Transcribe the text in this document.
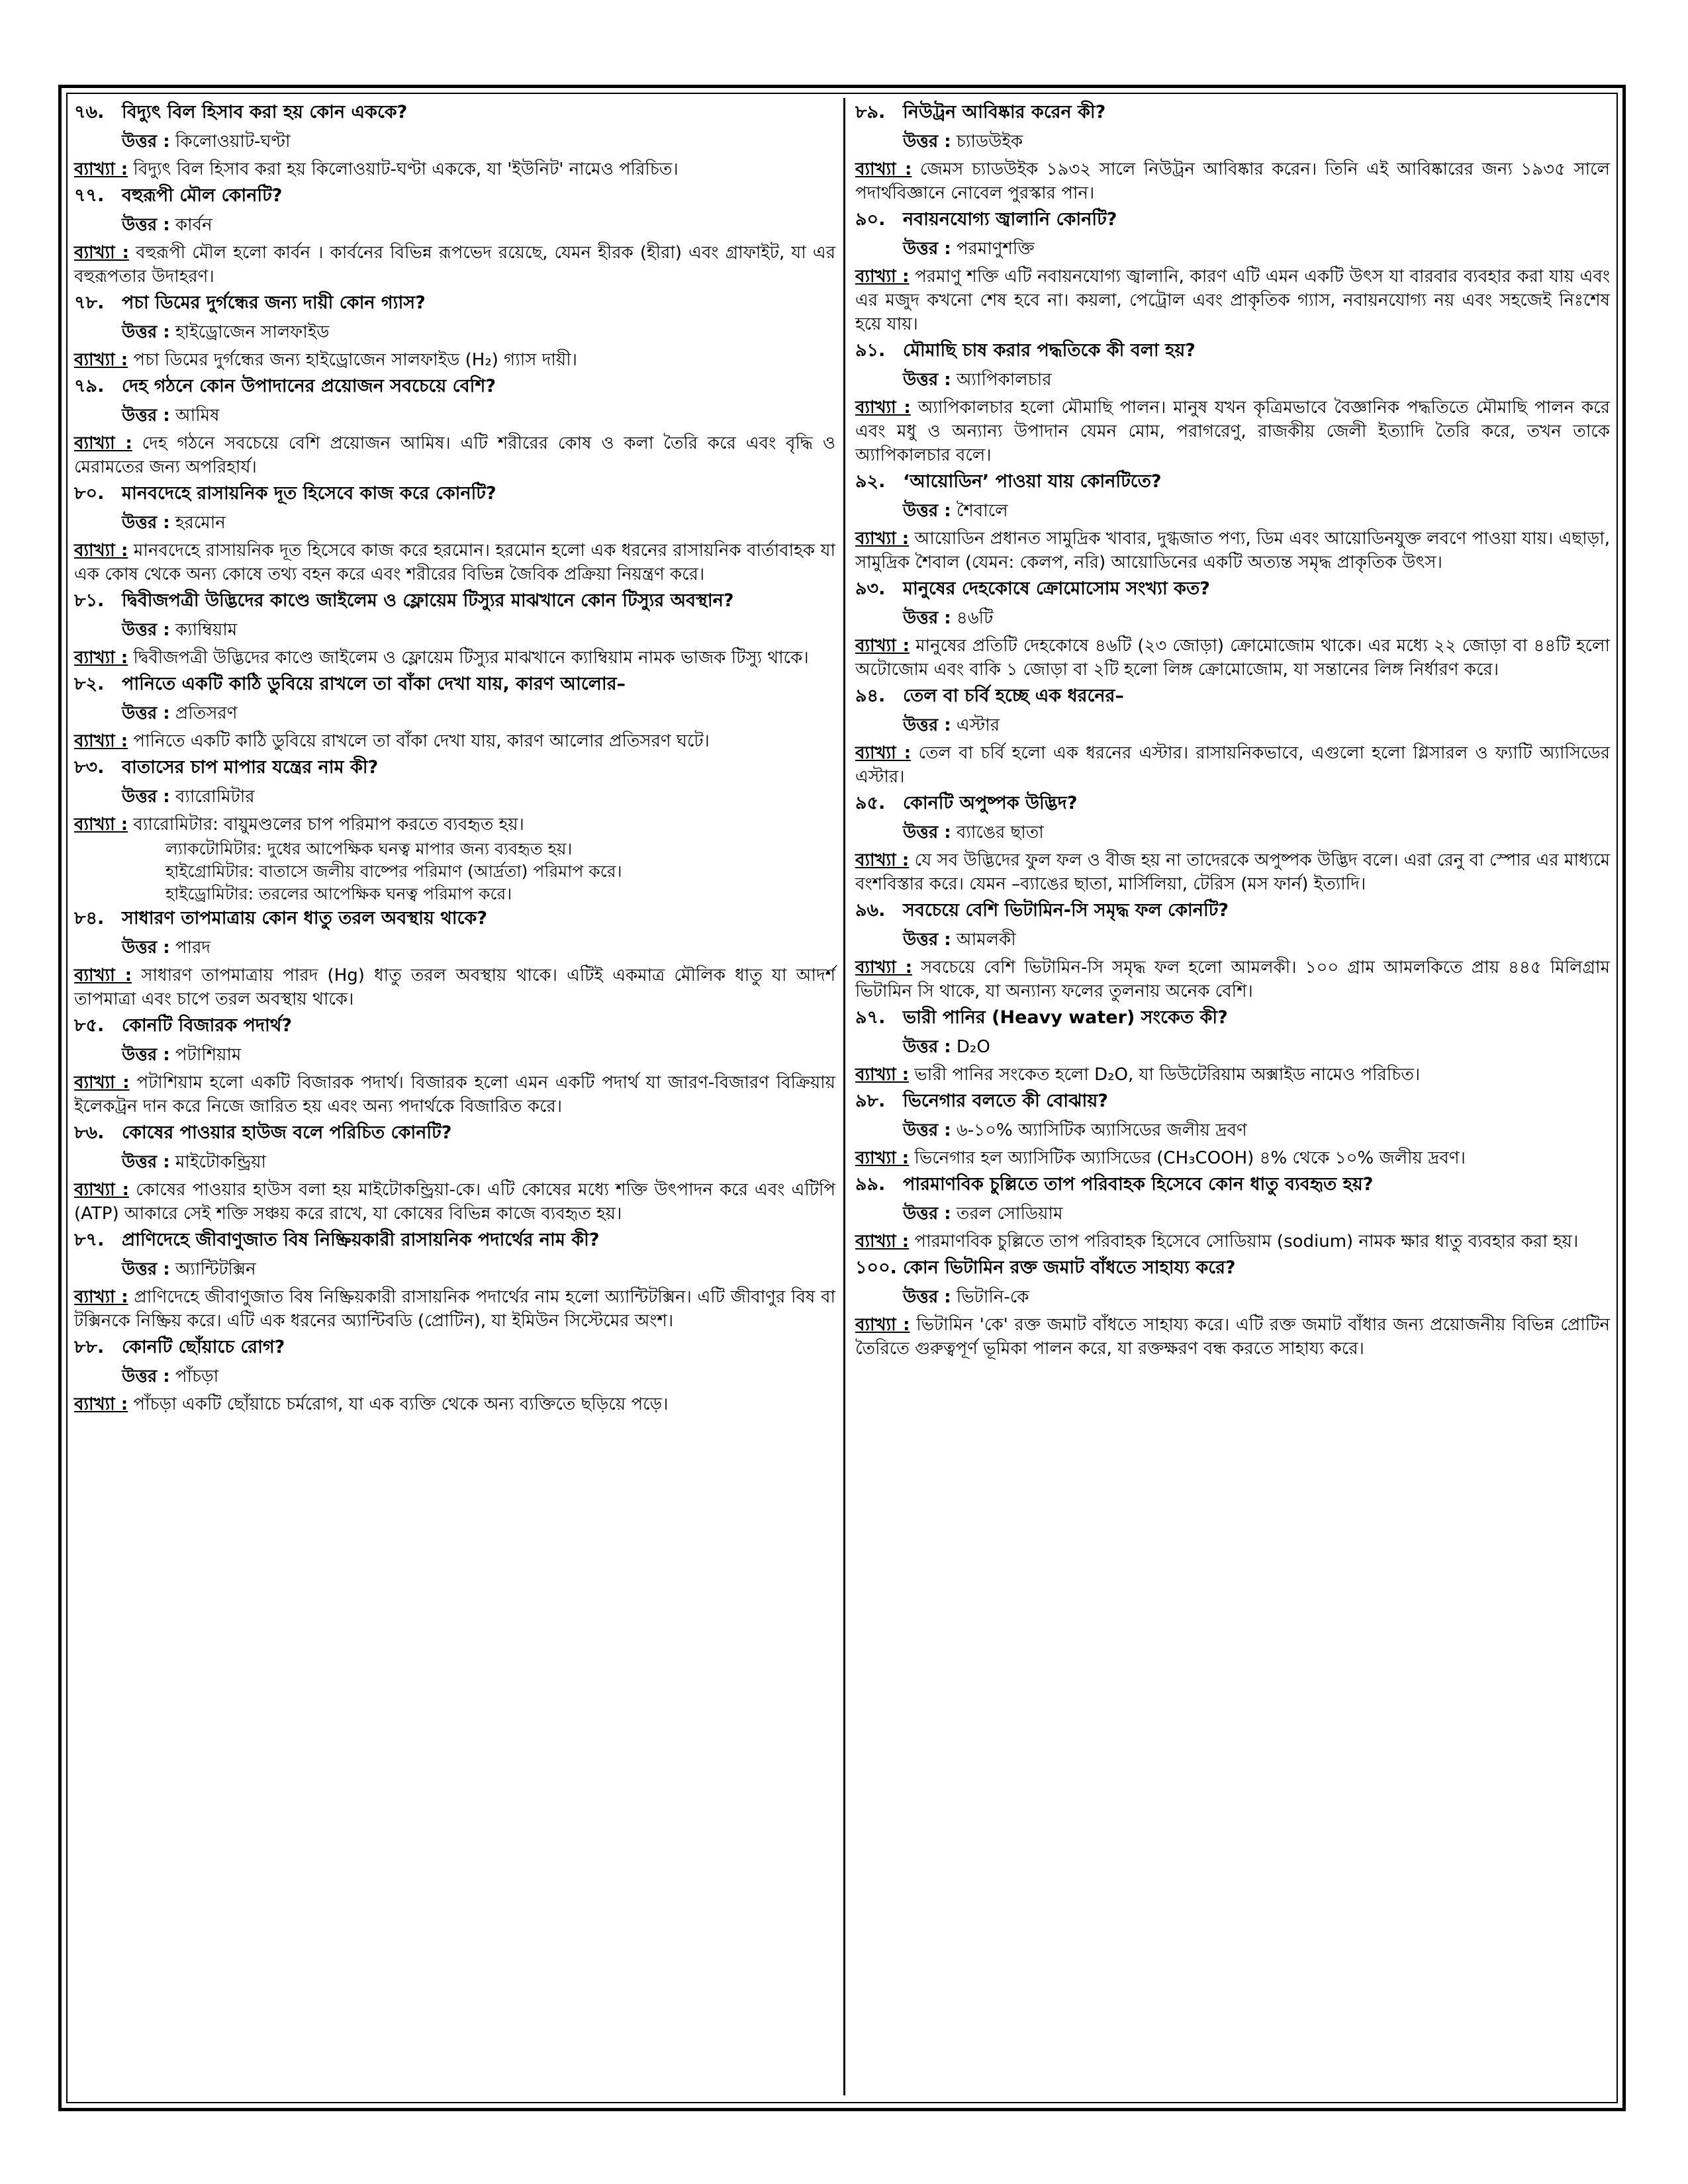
৭৬. বিদ্যুৎ বিল হিসাব করা হয় কোন এককে?
উত্তর : কিলোওয়াট-ঘণ্টা
ব্যাখ্যা : বিদ্যুৎ বিল হিসাব করা হয় কিলোওয়াট-ঘণ্টা এককে, যা 'ইউনিট' নামেও পরিচিত।
৭৭. বহুরূপী মৌল কোনটি?
উত্তর : কার্বন
ব্যাখ্যা : বহুরূপী মৌল হলো কার্বন । কার্বনের বিভিন্ন রূপভেদ রয়েছে, যেমন হীরক (হীরা) এবং গ্রাফাইট, যা এর বহুরূপতার উদাহরণ।
৭৮. পচা ডিমের দুর্গন্ধের জন্য দায়ী কোন গ্যাস?
উত্তর : হাইড্রোজেন সালফাইড
ব্যাখ্যা : পচা ডিমের দুর্গন্ধের জন্য হাইড্রোজেন সালফাইড (H₂) গ্যাস দায়ী।
৭৯. দেহ গঠনে কোন উপাদানের প্রয়োজন সবচেয়ে বেশি?
উত্তর : আমিষ
ব্যাখ্যা : দেহ গঠনে সবচেয়ে বেশি প্রয়োজন আমিষ। এটি শরীরের কোষ ও কলা তৈরি করে এবং বৃদ্ধি ও মেরামতের জন্য অপরিহার্য।
৮০. মানবদেহে রাসায়নিক দূত হিসেবে কাজ করে কোনটি?
উত্তর : হরমোন
ব্যাখ্যা : মানবদেহে রাসায়নিক দূত হিসেবে কাজ করে হরমোন। হরমোন হলো এক ধরনের রাসায়নিক বার্তাবাহক যা এক কোষ থেকে অন্য কোষে তথ্য বহন করে এবং শরীরের বিভিন্ন জৈবিক প্রক্রিয়া নিয়ন্ত্রণ করে।
৮১. দ্বিবীজপত্রী উদ্ভিদের কাণ্ডে জাইলেম ও ফ্লোয়েম টিস্যুর মাঝখানে কোন টিস্যুর অবস্থান?
উত্তর : ক্যাম্বিয়াম
ব্যাখ্যা : দ্বিবীজপত্রী উদ্ভিদের কাণ্ডে জাইলেম ও ফ্লোয়েম টিস্যুর মাঝখানে ক্যাম্বিয়াম নামক ভাজক টিস্যু থাকে।
৮২. পানিতে একটি কাঠি ডুবিয়ে রাখলে তা বাঁকা দেখা যায়, কারণ আলোর–
উত্তর : প্রতিসরণ
ব্যাখ্যা : পানিতে একটি কাঠি ডুবিয়ে রাখলে তা বাঁকা দেখা যায়, কারণ আলোর প্রতিসরণ ঘটে।
৮৩. বাতাসের চাপ মাপার যন্ত্রের নাম কী?
উত্তর : ব্যারোমিটার
ব্যাখ্যা : ব্যারোমিটার: বায়ুমণ্ডলের চাপ পরিমাপ করতে ব্যবহৃত হয়।
ল্যাকটোমিটার: দুধের আপেক্ষিক ঘনত্ব মাপার জন্য ব্যবহৃত হয়।
হাইগ্রোমিটার: বাতাসে জলীয় বাষ্পের পরিমাণ (আর্দ্রতা) পরিমাপ করে।
হাইড্রোমিটার: তরলের আপেক্ষিক ঘনত্ব পরিমাপ করে।
৮৪. সাধারণ তাপমাত্রায় কোন ধাতু তরল অবস্থায় থাকে?
উত্তর : পারদ
ব্যাখ্যা : সাধারণ তাপমাত্রায় পারদ (Hg) ধাতু তরল অবস্থায় থাকে। এটিই একমাত্র মৌলিক ধাতু যা আদর্শ তাপমাত্রা এবং চাপে তরল অবস্থায় থাকে।
৮৫. কোনটি বিজারক পদার্থ?
উত্তর : পটাশিয়াম
ব্যাখ্যা : পটাশিয়াম হলো একটি বিজারক পদার্থ। বিজারক হলো এমন একটি পদার্থ যা জারণ-বিজারণ বিক্রিয়ায় ইলেকট্রন দান করে নিজে জারিত হয় এবং অন্য পদার্থকে বিজারিত করে।
৮৬. কোষের পাওয়ার হাউজ বলে পরিচিত কোনটি?
উত্তর : মাইটোকন্ড্রিয়া
ব্যাখ্যা : কোষের পাওয়ার হাউস বলা হয় মাইটোকন্ড্রিয়া-কে। এটি কোষের মধ্যে শক্তি উৎপাদন করে এবং এটিপি (ATP) আকারে সেই শক্তি সঞ্চয় করে রাখে, যা কোষের বিভিন্ন কাজে ব্যবহৃত হয়।
৮৭. প্রাণিদেহে জীবাণুজাত বিষ নিষ্ক্রিয়কারী রাসায়নিক পদার্থের নাম কী?
উত্তর : অ্যান্টিটক্সিন
ব্যাখ্যা : প্রাণিদেহে জীবাণুজাত বিষ নিষ্ক্রিয়কারী রাসায়নিক পদার্থের নাম হলো অ্যান্টিটক্সিন। এটি জীবাণুর বিষ বা টক্সিনকে নিষ্ক্রিয় করে। এটি এক ধরনের অ্যান্টিবডি (প্রোটিন), যা ইমিউন সিস্টেমের অংশ।
৮৮. কোনটি ছোঁয়াচে রোগ?
উত্তর : পাঁচড়া
ব্যাখ্যা : পাঁচড়া একটি ছোঁয়াচে চর্মরোগ, যা এক ব্যক্তি থেকে অন্য ব্যক্তিতে ছড়িয়ে পড়ে।
৮৯. নিউট্রন আবিষ্কার করেন কী?
উত্তর : চ্যাডউইক
ব্যাখ্যা : জেমস চ্যাডউইক ১৯৩২ সালে নিউট্রন আবিষ্কার করেন। তিনি এই আবিষ্কারের জন্য ১৯৩৫ সালে পদার্থবিজ্ঞানে নোবেল পুরস্কার পান।
৯০. নবায়নযোগ্য জ্বালানি কোনটি?
উত্তর : পরমাণুশক্তি
ব্যাখ্যা : পরমাণু শক্তি এটি নবায়নযোগ্য জ্বালানি, কারণ এটি এমন একটি উৎস যা বারবার ব্যবহার করা যায় এবং এর মজুদ কখনো শেষ হবে না। কয়লা, পেট্রোল এবং প্রাকৃতিক গ্যাস, নবায়নযোগ্য নয় এবং সহজেই নিঃশেষ হয়ে যায়।
৯১. মৌমাছি চাষ করার পদ্ধতিকে কী বলা হয়?
উত্তর : অ্যাপিকালচার
ব্যাখ্যা : অ্যাপিকালচার হলো মৌমাছি পালন। মানুষ যখন কৃত্রিমভাবে বৈজ্ঞানিক পদ্ধতিতে মৌমাছি পালন করে এবং মধু ও অন্যান্য উপাদান যেমন মোম, পরাগরেণু, রাজকীয় জেলী ইত্যাদি তৈরি করে, তখন তাকে অ্যাপিকালচার বলে।
৯২. ‘আয়োডিন’ পাওয়া যায় কোনটিতে?
উত্তর : শৈবালে
ব্যাখ্যা : আয়োডিন প্রধানত সামুদ্রিক খাবার, দুগ্ধজাত পণ্য, ডিম এবং আয়োডিনযুক্ত লবণে পাওয়া যায়। এছাড়া, সামুদ্রিক শৈবাল (যেমন: কেলপ, নরি) আয়োডিনের একটি অত্যন্ত সমৃদ্ধ প্রাকৃতিক উৎস।
৯৩. মানুষের দেহকোষে ক্রোমোসোম সংখ্যা কত?
উত্তর : ৪৬টি
ব্যাখ্যা : মানুষের প্রতিটি দেহকোষে ৪৬টি (২৩ জোড়া) ক্রোমোজোম থাকে। এর মধ্যে ২২ জোড়া বা ৪৪টি হলো অটোজোম এবং বাকি ১ জোড়া বা ২টি হলো লিঙ্গ ক্রোমোজোম, যা সন্তানের লিঙ্গ নির্ধারণ করে।
৯৪. তেল বা চর্বি হচ্ছে এক ধরনের–
উত্তর : এস্টার
ব্যাখ্যা : তেল বা চর্বি হলো এক ধরনের এস্টার। রাসায়নিকভাবে, এগুলো হলো গ্লিসারল ও ফ্যাটি অ্যাসিডের এস্টার।
৯৫. কোনটি অপুষ্পক উদ্ভিদ?
উত্তর : ব্যাঙের ছাতা
ব্যাখ্যা : যে সব উদ্ভিদের ফুল ফল ও বীজ হয় না তাদেরকে অপুষ্পক উদ্ভিদ বলে। এরা রেনু বা স্পোর এর মাধ্যমে বংশবিস্তার করে। যেমন –ব্যাঙের ছাতা, মার্সিলিয়া, টেরিস (মস ফার্ন) ইত্যাদি।
৯৬. সবচেয়ে বেশি ভিটামিন-সি সমৃদ্ধ ফল কোনটি?
উত্তর : আমলকী
ব্যাখ্যা : সবচেয়ে বেশি ভিটামিন-সি সমৃদ্ধ ফল হলো আমলকী। ১০০ গ্রাম আমলকিতে প্রায় ৪৪৫ মিলিগ্রাম ভিটামিন সি থাকে, যা অন্যান্য ফলের তুলনায় অনেক বেশি।
৯৭. ভারী পানির (Heavy water) সংকেত কী?
উত্তর : D₂O
ব্যাখ্যা : ভারী পানির সংকেত হলো D₂O, যা ডিউটেরিয়াম অক্সাইড নামেও পরিচিত।
৯৮. ভিনেগার বলতে কী বোঝায়?
উত্তর : ৬-১০% অ্যাসিটিক অ্যাসিডের জলীয় দ্রবণ
ব্যাখ্যা : ভিনেগার হল অ্যাসিটিক অ্যাসিডের (CH₃COOH) ৪% থেকে ১০% জলীয় দ্রবণ।
৯৯. পারমাণবিক চুল্লিতে তাপ পরিবাহক হিসেবে কোন ধাতু ব্যবহৃত হয়?
উত্তর : তরল সোডিয়াম
ব্যাখ্যা : পারমাণবিক চুল্লিতে তাপ পরিবাহক হিসেবে সোডিয়াম (sodium) নামক ক্ষার ধাতু ব্যবহার করা হয়।
১০০. কোন ভিটামিন রক্ত জমাট বাঁধতে সাহায্য করে?
উত্তর : ভিটানি-কে
ব্যাখ্যা : ভিটামিন 'কে' রক্ত জমাট বাঁধতে সাহায্য করে। এটি রক্ত জমাট বাঁধার জন্য প্রয়োজনীয় বিভিন্ন প্রোটিন তৈরিতে গুরুত্বপূর্ণ ভূমিকা পালন করে, যা রক্তক্ষরণ বন্ধ করতে সাহায্য করে।
